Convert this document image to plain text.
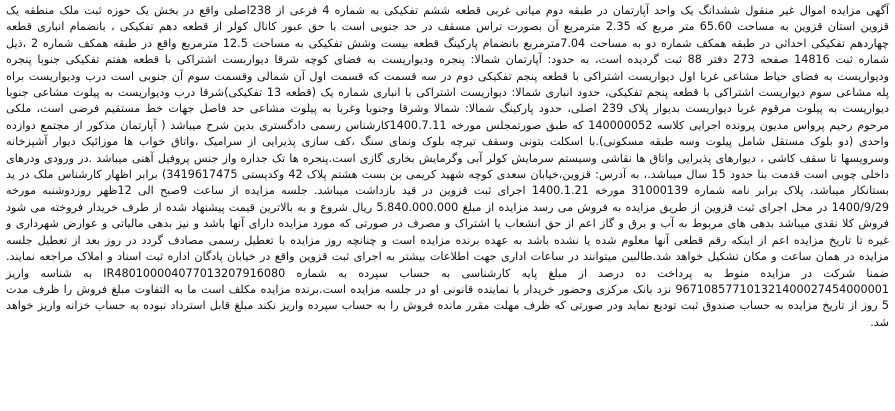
آگهی مزایده اموال غیر منقول ششدانگ یک واحد آپارتمان در طبقه دوم میانی غربی قطعه ششم تفکیکی به شماره 4 فرعی از 238اصلی واقع در بخش یک حوزه ثبت ملک منطقه یک قزوین استان قزوین به مساحت 65.60 متر مربع که 2.35 مترمربع آن بصورت تراس مسقف در حد جنوبی است با حق عبور کانال کولر از قطعه دهم تفکیکی ، بانضمام انباری قطعه چهاردهم تفکیکی احداثی در طبقه همکف شماره دو به مساحت 7.04مترمربع بانضمام پارکینگ قطعه بیست وشش تفکیکی به مساحت 12.5 مترمربع واقع در طبقه همکف شماره 2 ،ذیل شماره ثبت 14816 صفحه 273 دفتر 88 ثبت گردیده است، به حدود: آپارتمان شمالا: پنجره ودیواریست به فضای کوچه شرقا دیواربست اشتراکی با قطعه هفتم تفکیکی جنوبا پنجره ودیواریست به فضای حیاط مشاعی غربا اول دیواریست اشتراکی با قطعه پنجم تفکیکی دوم در سه قسمت که قسمت اول آن شمالی وقسمت سوم آن جنوبی است درب ودیواریست براه پله مشاعی سوم دیواریست اشتراکی با قطعه پنجم تفکیکی، حدود انباری شمالا: دیواریست اشتراکی با انباری شماره یک (قطعه 13 تفکیکی)شرقا درب ودیواریست به پیلوت مشاعی جنوبا دیواریست به پیلوت مرقوم غربا دیواریست بدیوار پلاک 239 اصلی، حدود پارکینگ شمالا: شمالا وشرقا وجنوبا وغربا به پیلوت مشاعی حد فاصل جهات خط مستقیم فرضی است، ملکی مرحوم رحیم پرواس مدیون پرونده اجرایی کلاسه 140000052 که طبق صورتمجلس مورخه 1400.7.11کارشناس رسمی دادگستری بدین شرح میباشد ( آپارتمان مذکور از مجتمع دوازده واحدی (دو بلوک مستقل شامل پیلوت وسه طبقه مسکونی).با اسکلت بتونی وسقف تیرچه بلوک ونمای سنگ ،کف سازی پذیرایی از سرامیک ،واتاق خواب ها موزائیک دیوار آشپزخانه وسرویسها تا سقف کاشی ، دیوارهای پذیرایی واتاق ها نقاشی وسیستم سرمایش کولر آبی وگرمایش بخاری گازی است.پنجره ها تک جداره واز جنس پروفیل آهنی میباشد .در ورودی ودرهای داخلی چوبی است قدمت بنا حدود 15 سال میباشد.، به آدرس: قزوین،خیابان سعدی کوچه شهید کریمی بن بست هشتم پلاک 42 وکدپستی 3419617475) برابر اظهار کارشناس ملک در ید بستانکار میباشد، پلاک برابر نامه شماره 31000139 مورخه 1400.1.21 اجرای ثبت قزوین در قید بازداشت میباشد. جلسه مزایده از ساعت 9صبح الی 12ظهر روزدوشنبه مورخه 1400/9/29 در محل اجرای ثبت قزوین از طریق مزایده به فروش می رسد مزایده از مبلغ 5.840.000.000 ریال شروع و به بالاترین قیمت پیشنهاد شده از طرف خریدار فروخته می شود فروش کلا نقدی میباشد بدهی های مربوط به آب و برق و گاز اعم از حق انشعاب یا اشتراک و مصرف در صورتی که مورد مزایده دارای آنها باشد و نیز بدهی مالیاتی و عوارض شهرداری و غیره تا تاریخ مزایده اعم از اینکه رقم قطعی آنها معلوم شده یا نشده باشد به عهده برنده مزایده است و چنانچه روز مزایده با تعطیل رسمی مصادف گردد در روز بعد از تعطیل جلسه مزایده در همان ساعت و مکان تشکیل خواهد شد.طالبین میتوانند در ساعات اداری جهت اطلاعات بیشتر به اجرای ثبت قزوین واقع در خیابان پادگان اداره ثبت اسناد و املاک مراجعه نمایند. ضمنا شرکت در مزایده منوط به پرداخت ده درصد از مبلغ پایه کارشناسی به حساب سپرده به شماره IR480100004077013207916080 به شناسه واریز 967108577101321400027454000001 نزد بانک مرکزی وحضور خریدار یا نماینده قانونی او در جلسه مزایده است.برنده مزایده مکلف است ما به التفاوت مبلغ فروش را ظرف مدت 5 روز از تاریخ مزایده به حساب صندوق ثبت تودیع نماید ودر صورتی که ظرف مهلت مقرر مانده فروش را به حساب سپرده واریز نکند مبلغ قابل استرداد نبوده به حساب خزانه واریز خواهد شد.
